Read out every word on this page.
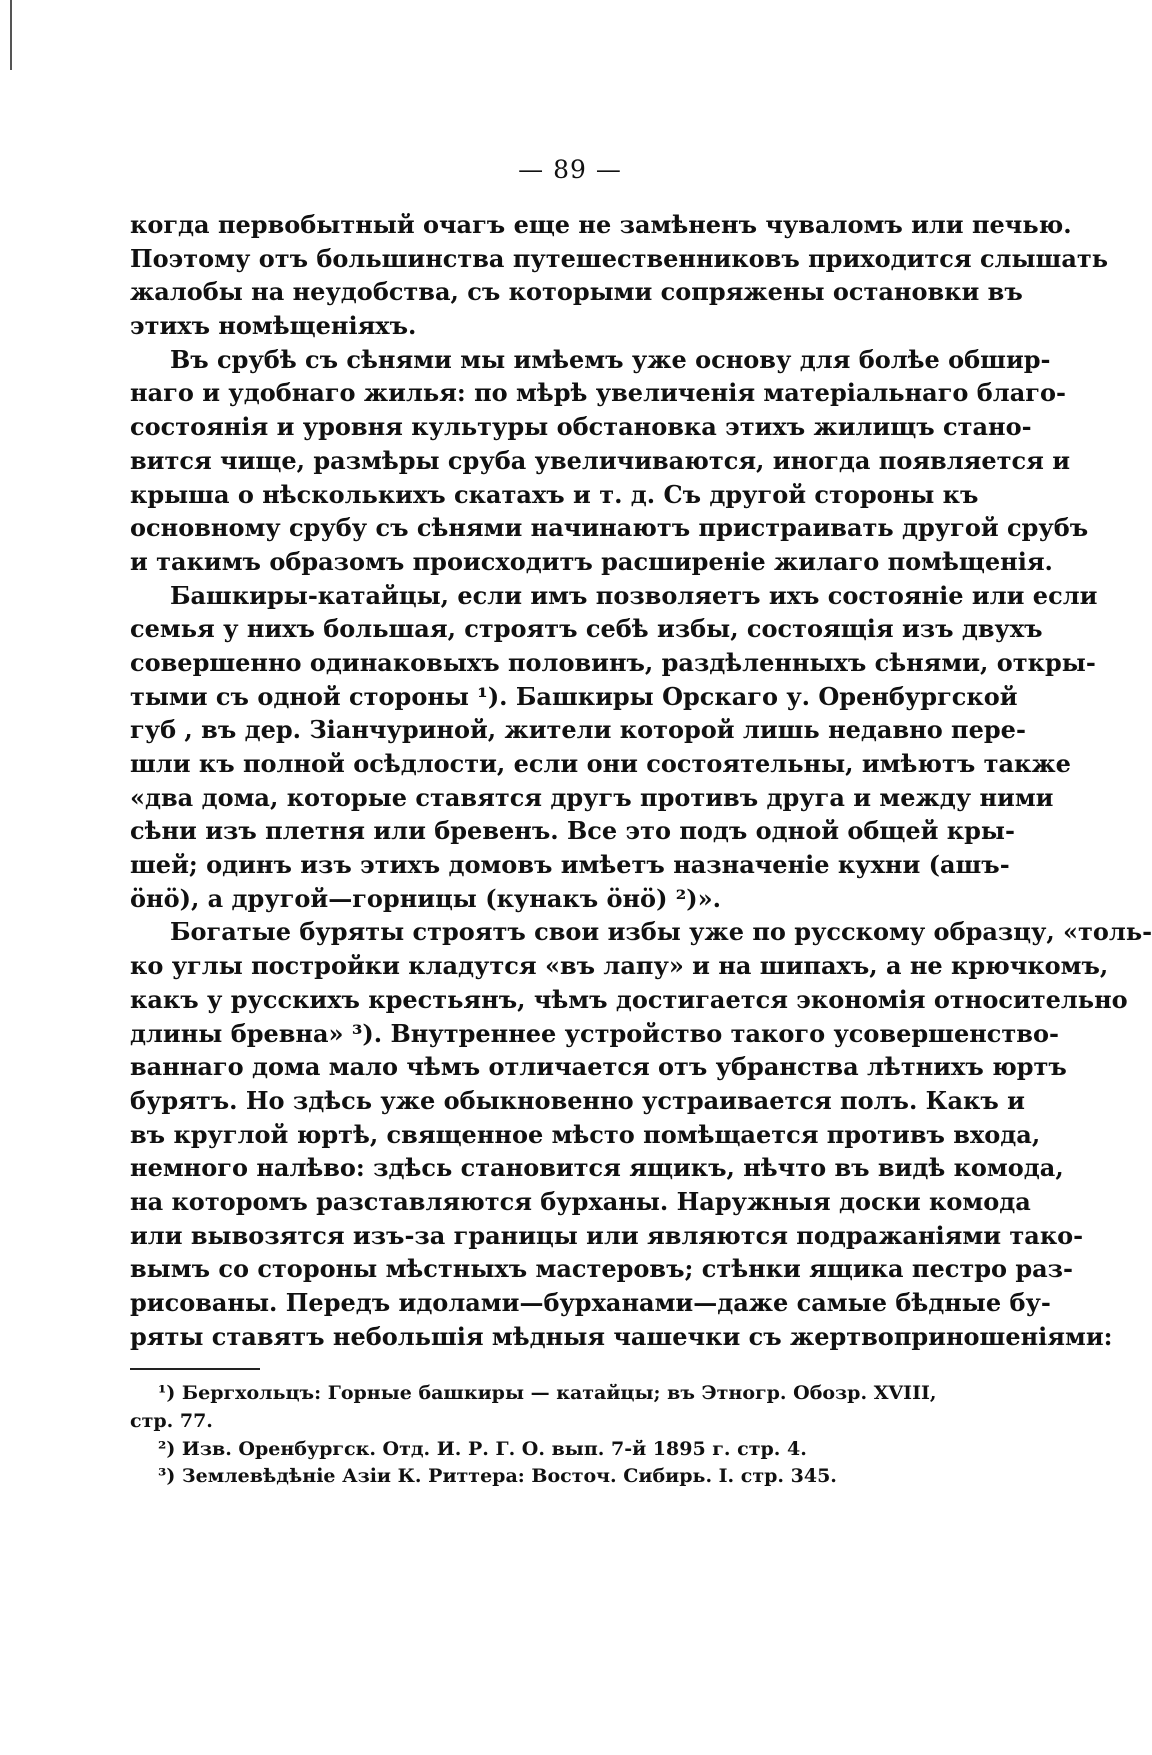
— 89 —
когда первобытный очагъ еще не замѣненъ чуваломъ или печью.
Поэтому отъ большинства путешественниковъ приходится слышать
жалобы на неудобства, съ которыми сопряжены остановки въ
этихъ номѣщеніяхъ.
Въ срубѣ съ сѣнями мы имѣемъ уже основу для болѣе обшир-
наго и удобнаго жилья: по мѣрѣ увеличенія матеріальнаго благо-
состоянія и уровня культуры обстановка этихъ жилищъ стано-
вится чище, размѣры сруба увеличиваются, иногда появляется и
крыша о нѣсколькихъ скатахъ и т. д. Съ другой стороны къ
основному срубу съ сѣнями начинаютъ пристраивать другой срубъ
и такимъ образомъ происходитъ расширеніе жилаго помѣщенія.
Башкиры-катайцы, если имъ позволяетъ ихъ состояніе или если
семья у нихъ большая, строятъ себѣ избы, состоящія изъ двухъ
совершенно одинаковыхъ половинъ, раздѣленныхъ сѣнями, откры-
тыми съ одной стороны ¹). Башкиры Орскаго у. Оренбургской
губ , въ дер. Зіанчуриной, жители которой лишь недавно пере-
шли къ полной осѣдлости, если они состоятельны, имѣютъ также
«два дома, которые ставятся другъ противъ друга и между ними
сѣни изъ плетня или бревенъ. Все это подъ одной общей кры-
шей; одинъ изъ этихъ домовъ имѣетъ назначеніе кухни (ашъ-
öнö), а другой—горницы (кунакъ öнö) ²)».
Богатые буряты строятъ свои избы уже по русскому образцу, «толь-
ко углы постройки кладутся «въ лапу» и на шипахъ, а не крючкомъ,
какъ у русскихъ крестьянъ, чѣмъ достигается экономія относительно
длины бревна» ³). Внутреннее устройство такого усовершенство-
ваннаго дома мало чѣмъ отличается отъ убранства лѣтнихъ юртъ
бурятъ. Но здѣсь уже обыкновенно устраивается полъ. Какъ и
въ круглой юртѣ, священное мѣсто помѣщается противъ входа,
немного налѣво: здѣсь становится ящикъ, нѣчто въ видѣ комода,
на которомъ разставляются бурханы. Наружныя доски комода
или вывозятся изъ-за границы или являются подражаніями тако-
вымъ со стороны мѣстныхъ мастеровъ; стѣнки ящика пестро раз-
рисованы. Передъ идолами—бурханами—даже самые бѣдные бу-
ряты ставятъ небольшія мѣдныя чашечки съ жертвоприношеніями:
¹) Бергхольцъ: Горные башкиры — катайцы; въ Этногр. Обозр. XVIII,
стр. 77.
²) Изв. Оренбургск. Отд. И. Р. Г. О. вып. 7-й 1895 г. стр. 4.
³) Землевѣдѣніе Азіи К. Риттера: Восточ. Сибирь. I. стр. 345.
